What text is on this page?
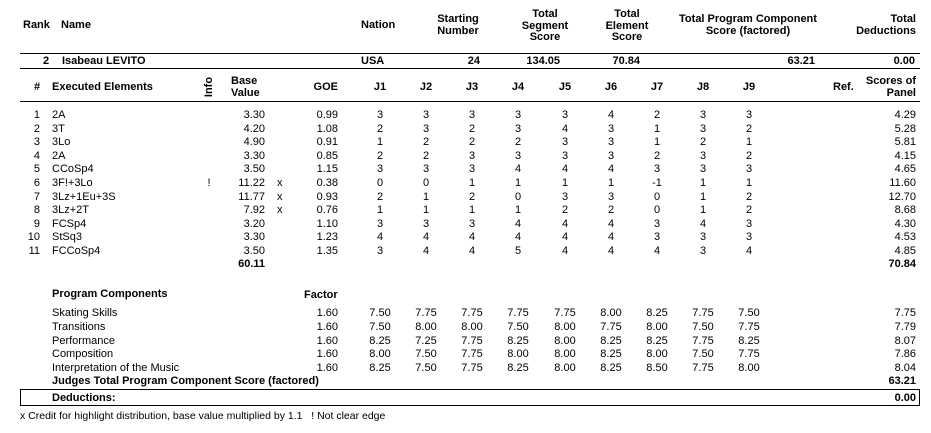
Rank Name	Nation	Starting
Number
Total
Segment
Score
Total
Element
Score
Total Program Component
Score (factored)
Total
Deductions
2 Isabeau LEVITO	USA	24	134.05	70.84	63.21	0.00
# Executed Elements	Info Base
Value	GOE	J1	J2	J3	J4	J5	J6	J7	J8	J9	Ref.	Scores of
Panel
1 2A	3.30	0.99	3	3	3	3	3	4	2	3	3	4.29
2 3T	4.20	1.08	2	3	2	3	4	3	1	3	2	5.28
3 3Lo	4.90	0.91	1	2	2	2	3	3	1	2	1	5.81
4 2A	3.30	0.85	2	2	3	3	3	3	2	3	2	4.15
5 CCoSp4	3.50	1.15	3	3	3	4	4	4	3	3	3	4.65
6 3F!+3Lo	!	11.22 x	0.38	0	0	1	1	1	1	-1	1	1	11.60
7 3Lz+1Eu+3S	11.77 x	0.93	2	1	2	0	3	3	0	1	2	12.70
8 3Lz+2T	7.92 x	0.76	1	1	1	1	2	2	0	1	2	8.68
9 FCSp4	3.20	1.10	3	3	3	4	4	4	3	4	3	4.30
10 StSq3	3.30	1.23	4	4	4	4	4	4	3	3	3	4.53
11 FCCoSp4	3.50	1.35	3	4	4	5	4	4	4	3	4	4.85
60.11	70.84
Program Components	Factor
Skating Skills	1.60	7.50	7.75	7.75	7.75	7.75	8.00	8.25	7.75	7.50	7.75
Transitions	1.60	7.50	8.00	8.00	7.50	8.00	7.75	8.00	7.50	7.75	7.79
Performance	1.60	8.25	7.25	7.75	8.25	8.00	8.25	8.25	7.75	8.25	8.07
Composition	1.60	8.00	7.50	7.75	8.00	8.00	8.25	8.00	7.50	7.75	7.86
Interpretation of the Music	1.60	8.25	7.50	7.75	8.25	8.00	8.25	8.50	7.75	8.00	8.04
Judges Total Program Component Score (factored)	63.21
Deductions:	0.00
x Credit for highlight distribution, base value multiplied by 1.1   ! Not clear edge
